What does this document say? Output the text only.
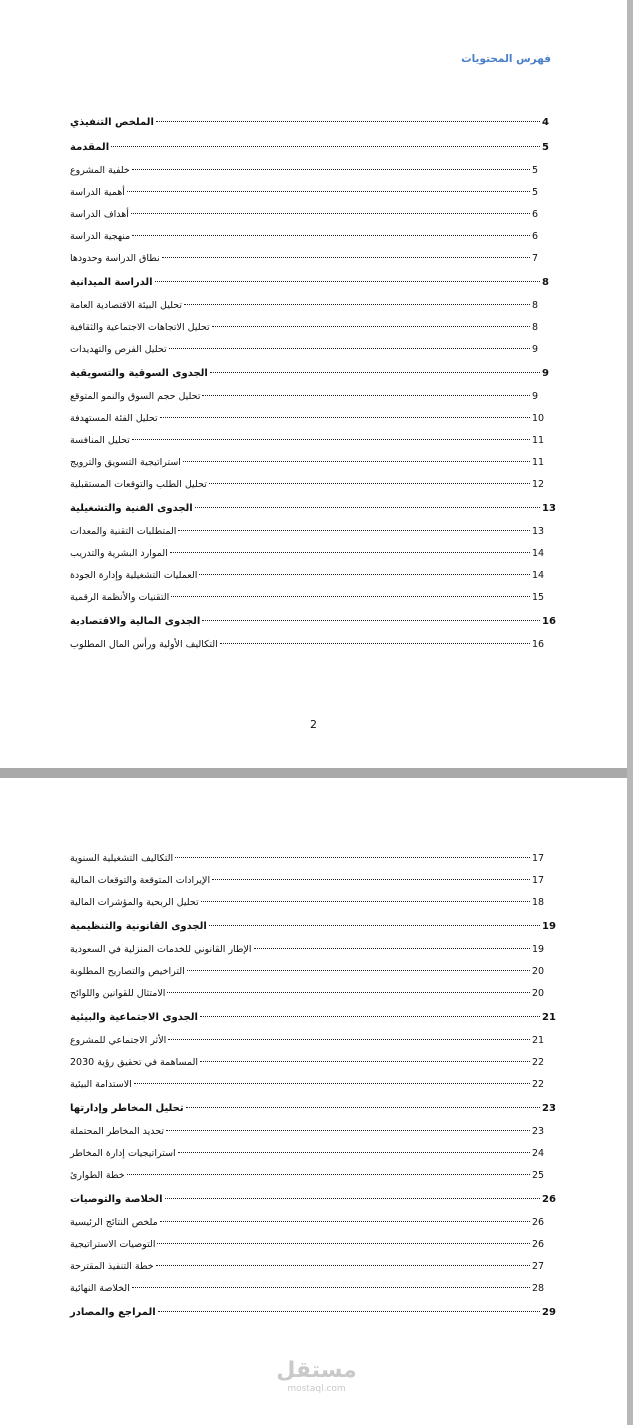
فهرس المحتويات
الملخص التنفيذي	4
المقدمة	5
خلفية المشروع	5
أهمية الدراسة	5
أهداف الدراسة	6
منهجية الدراسة	6
نطاق الدراسة وحدودها	7
الدراسة الميدانية	8
تحليل البيئة الاقتصادية العامة	8
تحليل الاتجاهات الاجتماعية والثقافية	8
تحليل الفرص والتهديدات	9
الجدوى السوقية والتسويقية	9
تحليل حجم السوق والنمو المتوقع	9
تحليل الفئة المستهدفة	10
تحليل المنافسة	11
استراتيجية التسويق والترويج	11
تحليل الطلب والتوقعات المستقبلية	12
الجدوى الفنية والتشغيلية	13
المتطلبات التقنية والمعدات	13
الموارد البشرية والتدريب	14
العمليات التشغيلية وإدارة الجودة	14
التقنيات والأنظمة الرقمية	15
الجدوى المالية والاقتصادية	16
التكاليف الأولية ورأس المال المطلوب	16
2
التكاليف التشغيلية السنوية	17
الإيرادات المتوقعة والتوقعات المالية	17
تحليل الربحية والمؤشرات المالية	18
الجدوى القانونية والتنظيمية	19
الإطار القانوني للخدمات المنزلية في السعودية	19
التراخيص والتصاريح المطلوبة	20
الامتثال للقوانين واللوائح	20
الجدوى الاجتماعية والبيئية	21
الأثر الاجتماعي للمشروع	21
المساهمة في تحقيق رؤية 2030	22
الاستدامة البيئية	22
تحليل المخاطر وإدارتها	23
تحديد المخاطر المحتملة	23
استراتيجيات إدارة المخاطر	24
خطة الطوارئ	25
الخلاصة والتوصيات	26
ملخص النتائج الرئيسية	26
التوصيات الاستراتيجية	26
خطة التنفيذ المقترحة	27
الخلاصة النهائية	28
المراجع والمصادر	29
مستقل
mostaql.com
